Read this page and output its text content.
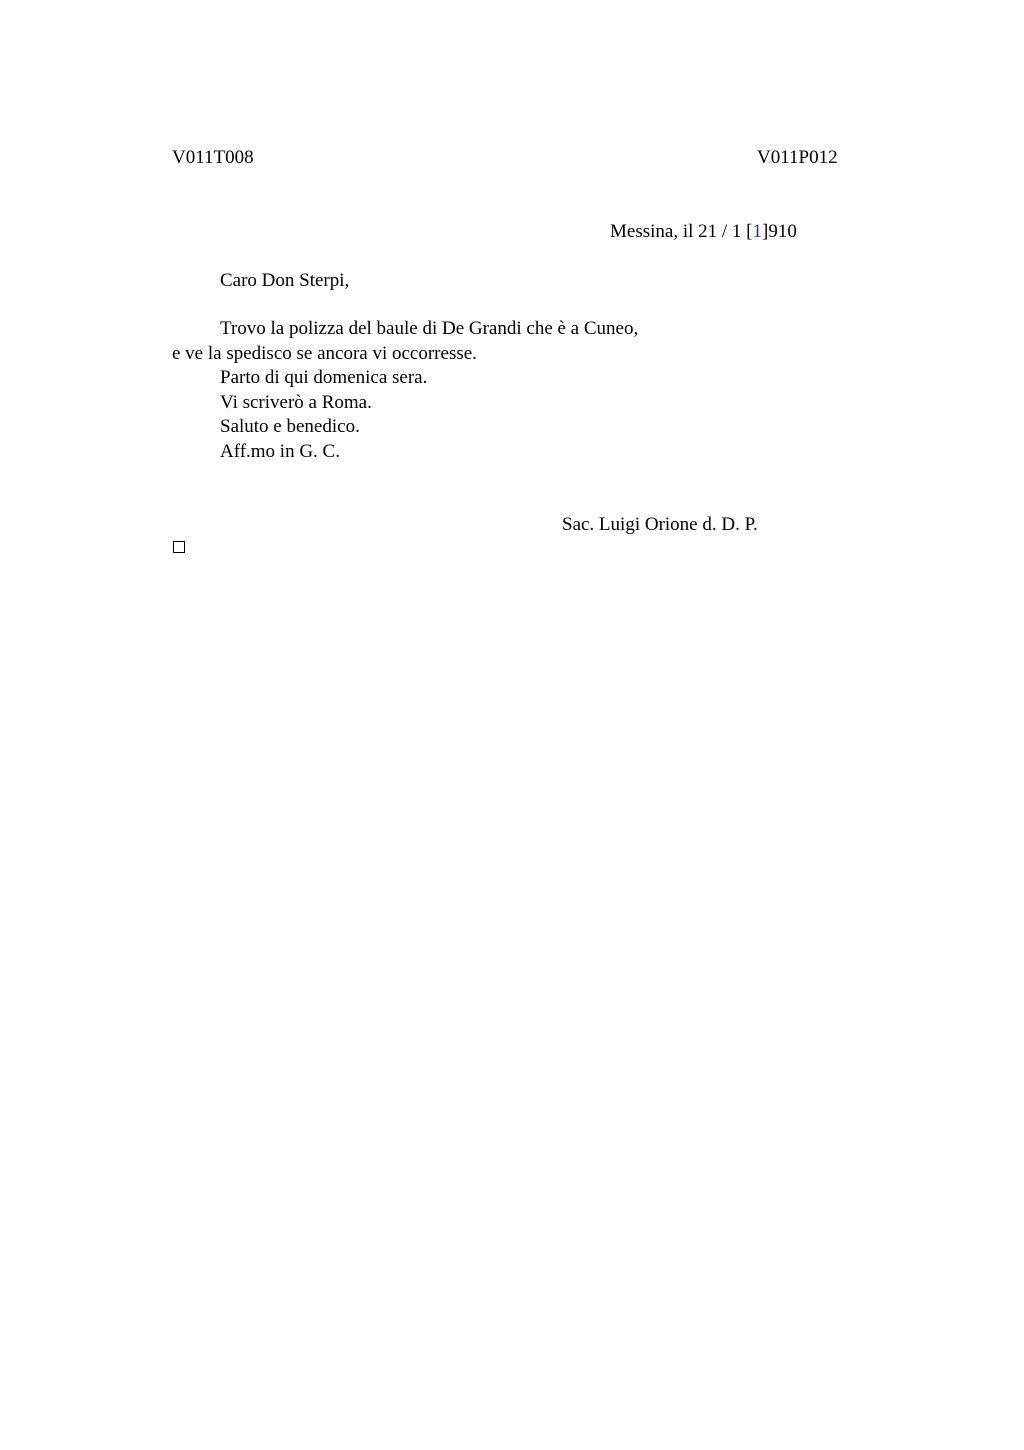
V011T008	V011P012
Messina, il 21 / 1 [1]910
Caro Don Sterpi,
Trovo la polizza del baule di De Grandi che è a Cuneo,
e ve la spedisco se ancora vi occorresse.
Parto di qui domenica sera.
Vi scriverò a Roma.
Saluto e benedico.
Aff.mo in G. C.
Sac. Luigi Orione d. D. P.
